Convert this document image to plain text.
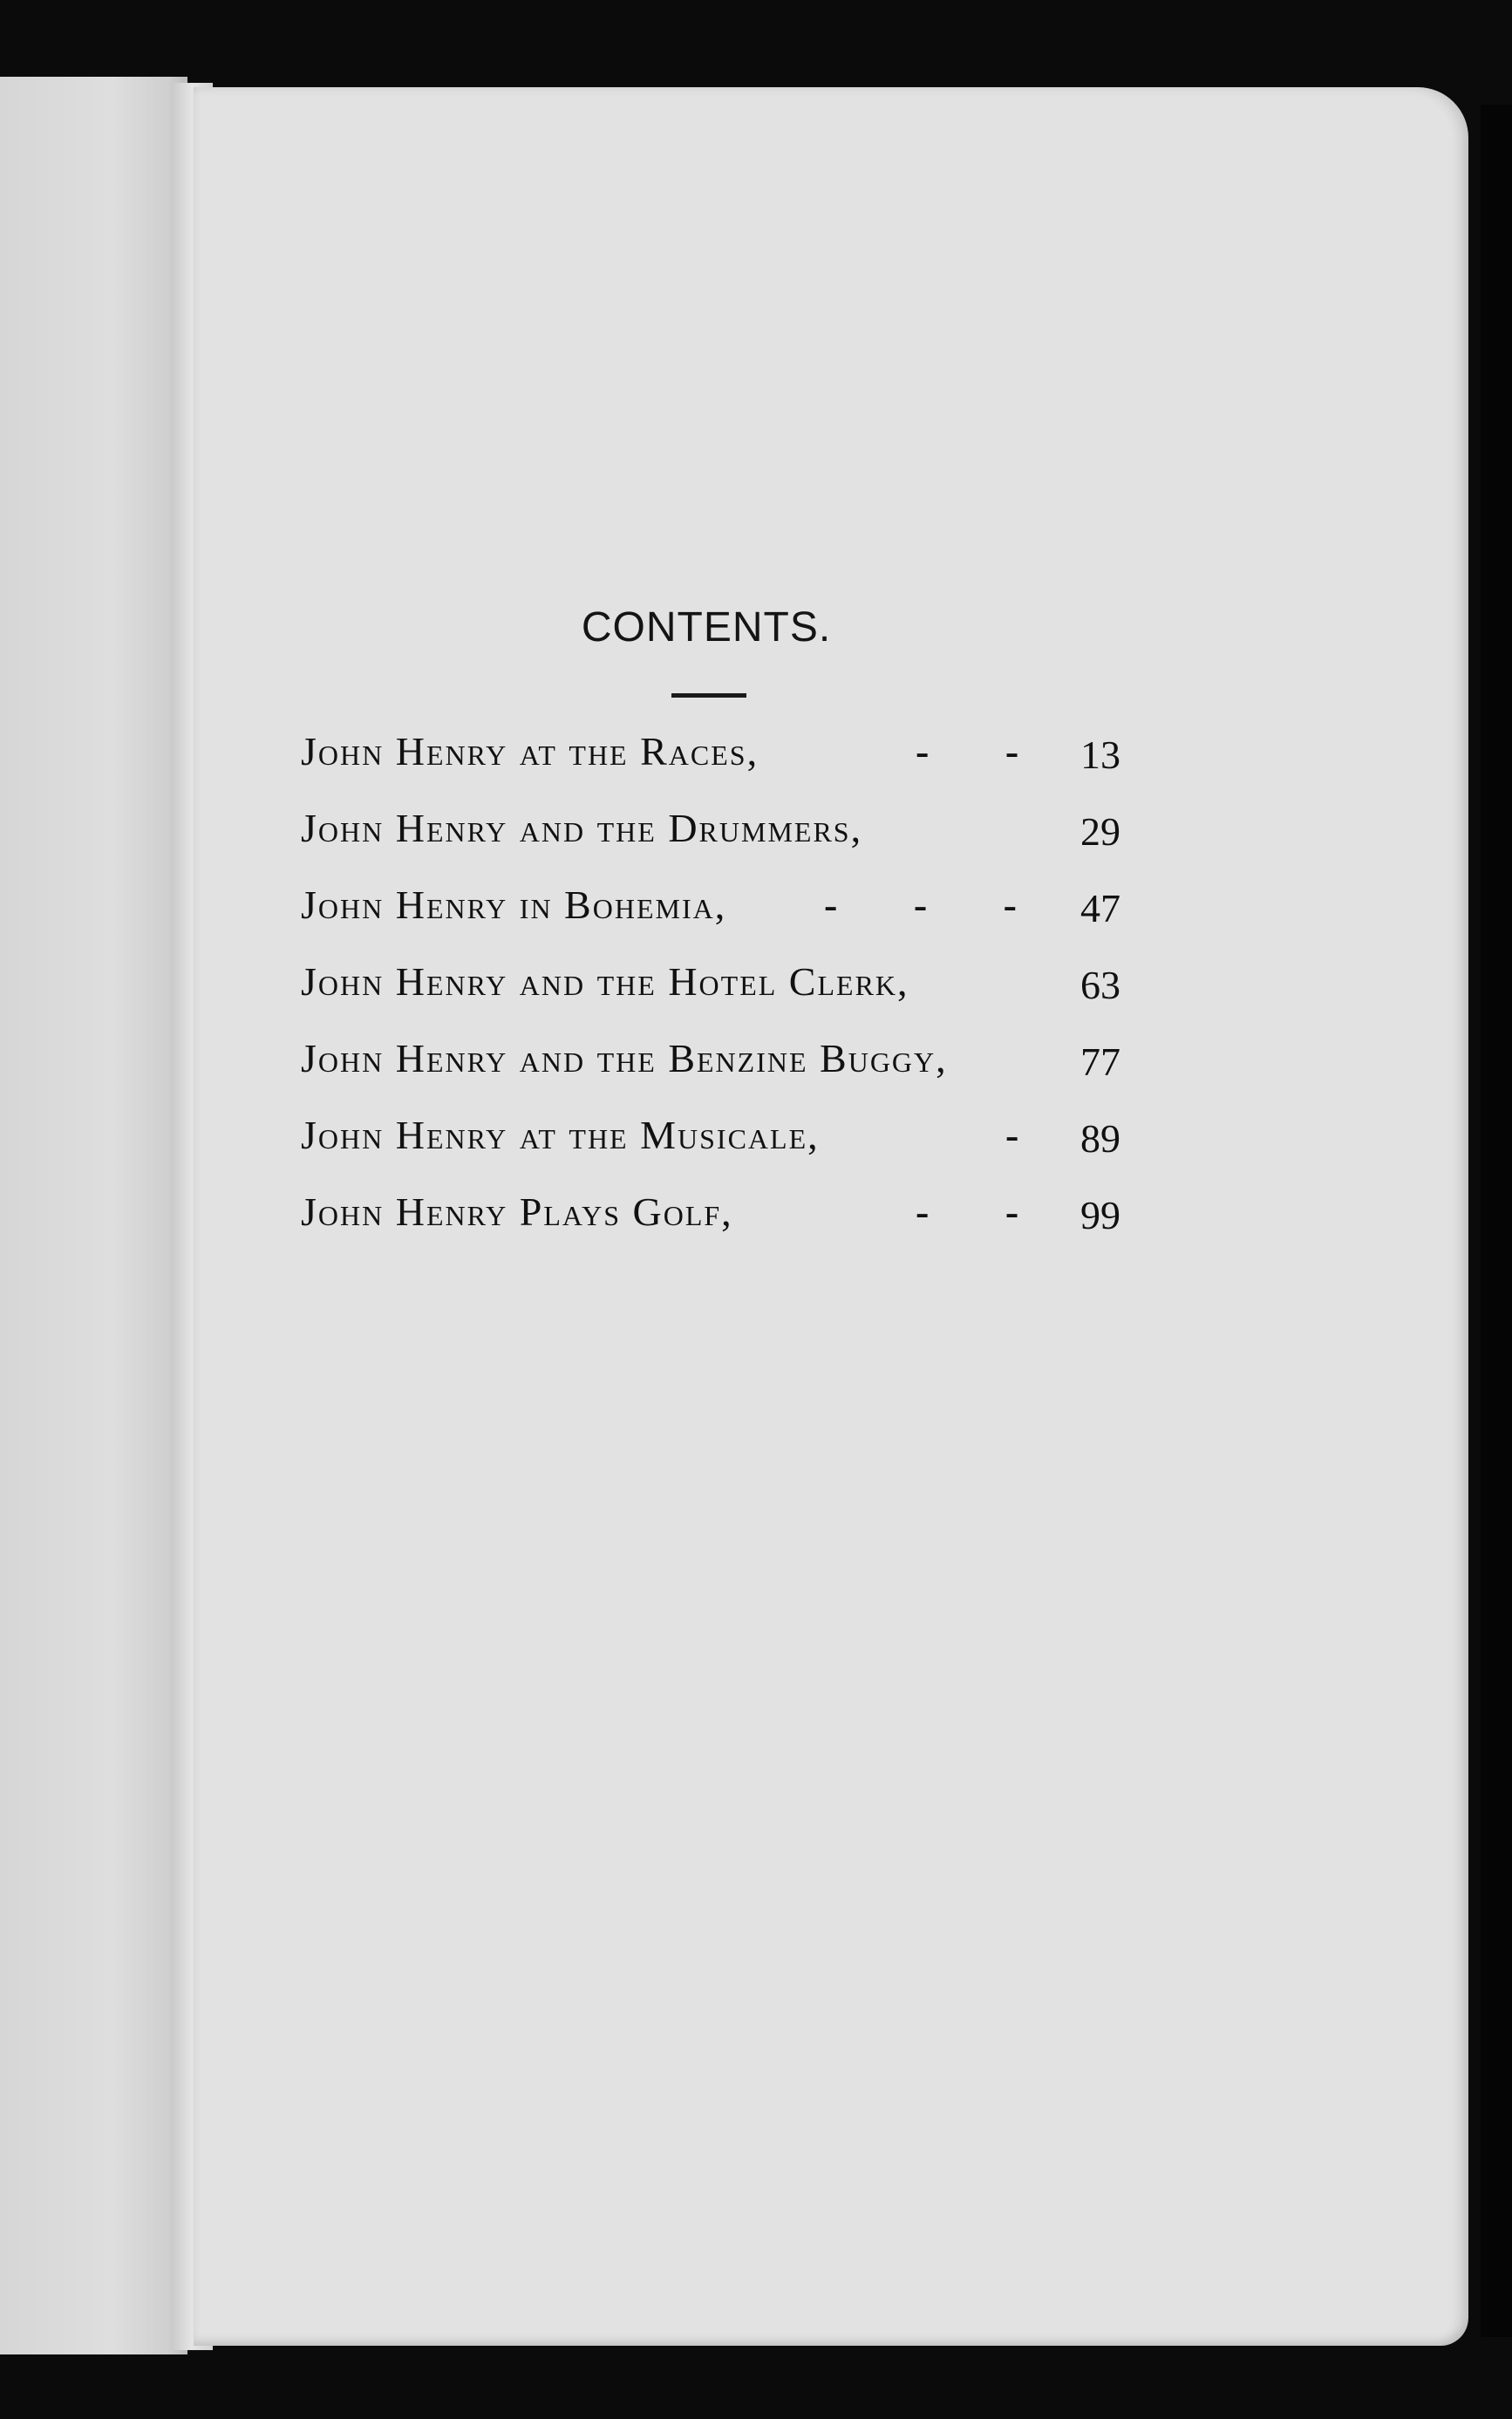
CONTENTS.
John Henry at the Races,	- - 13
John Henry and the Drummers,	29
John Henry in Bohemia, - - - 47
John Henry and the Hotel Clerk,	63
John Henry and the Benzine Buggy,	77
John Henry at the Musicale,	- 89
John Henry Plays Golf,	- - 99
